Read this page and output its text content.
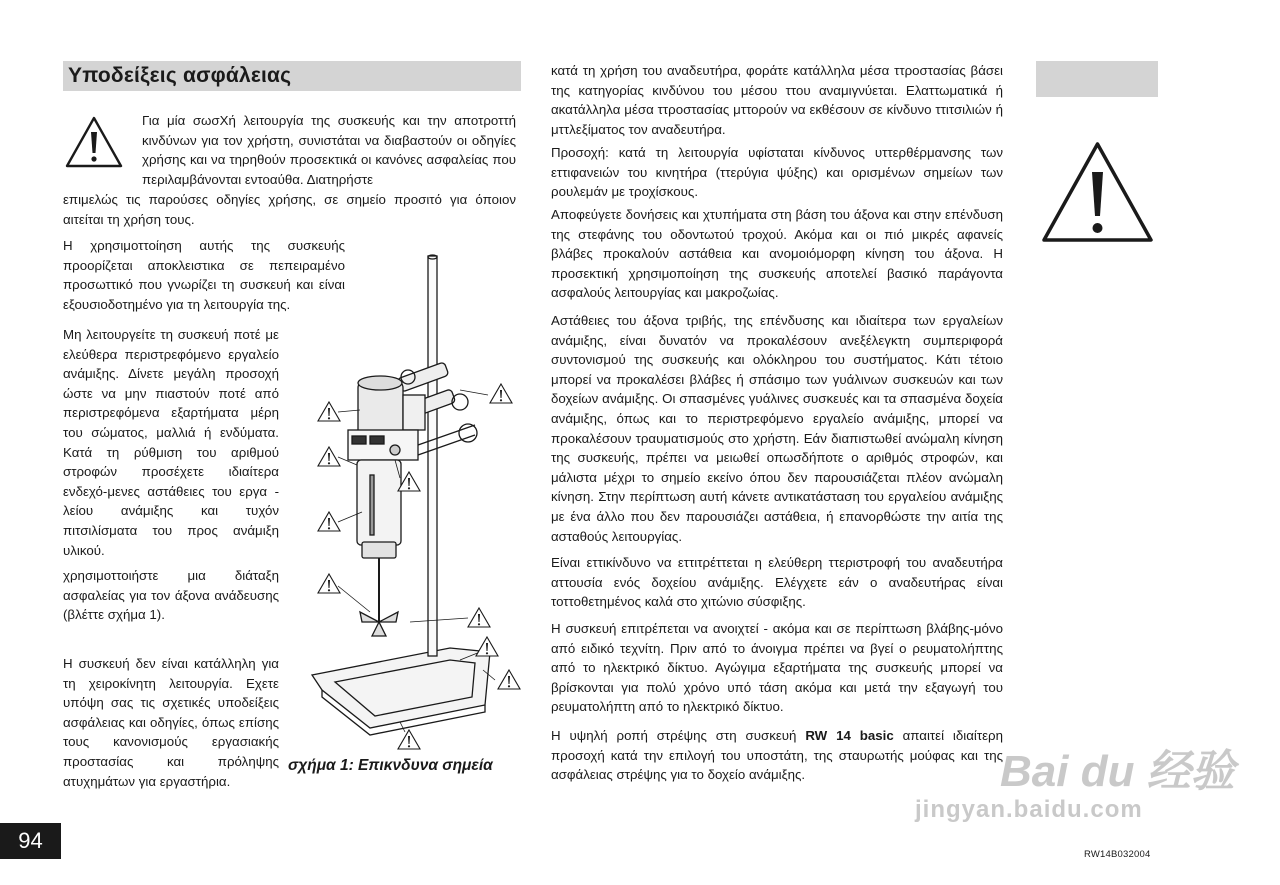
Υποδείξεις ασφάλειας

Για μία σωσΧή λειτουργία της συσκευής και την αποτροττή κινδύνων για τον χρήστη, συνιστάται να διαβαστούν οι οδηγίες χρήσης και να τηρηθούν προσεκτικά οι κανόνες ασφαλείας που περιλαμβάνονται εντοαύθα. Διατηρήστε

επιμελώς τις παρούσες οδηγίες χρήσης, σε σημείο προσιτό για όποιον αιτείται τη χρήση τους.

Η χρησιμοττοίηση αυτής της συσκευής προορίζεται αποκλειστικα σε πεπειραμένο προσωττικό που γνωρίζει τη συσκευή και είναι εξουσιοδοτημένο για τη λειτουργία της.

Μη λειτουργείτε τη συσκευή ποτέ με ελεύθερα περιστρεφόμενο εργαλείο ανάμιξης. Δίνετε μεγάλη προσοχή ώστε να μην πιαστούν ποτέ από περιστρεφόμενα εξαρτήματα μέρη του σώματος, μαλλιά ή ενδύματα. Κατά τη ρύθμιση του αριθμού στροφών προσέχετε ιδιαίτερα ενδεχό-μενες αστάθειες του εργα - λείου ανάμιξης και τυχόν πιτσιλίσματα του προς ανάμιξη υλικού.

χρησιμοττοιήστε μια διάταξη ασφαλείας για τον άξονα ανάδευσης (βλέττε σχήμα 1).

Η συσκευή δεν είναι κατάλληλη για τη χειροκίνητη λειτουργία. Εχετε υπόψη σας τις σχετικές υποδείξεις ασφάλειας και οδηγίες, όπως επίσης τους κανονισμούς εργασιακής προστασίας και πρόληψης ατυχημάτων για εργαστήρια.

σχήμα 1: Επικνδυνα σημεία

κατά τη χρήση του αναδευτήρα, φοράτε κατάλληλα μέσα ττροστασίας βάσει της κατηγορίας κινδύνου του μέσου ττου αναμιγνύεται. Ελαττωματικά ή ακατάλληλα μέσα ττροστασίας μττορούν να εκθέσουν σε κίνδυνο ττιτσιλιών ή μττλεξίματος τον αναδευτήρα.

Προσοχή: κατά τη λειτουργία υφίσταται κίνδυνος υττερθέρμανσης των εττιφανειών του κινητήρα (ττερύγια ψύξης) και ορισμένων σημείων των ρουλεμάν με τροχίσκους.

Αποφεύγετε δονήσεις και χτυπήματα στη βάση του άξονα και στην επένδυση της στεφάνης του οδοντωτού τροχού. Ακόμα και οι πιό μικρές αφανείς βλάβες προκαλούν αστάθεια και ανομοιόμορφη κίνηση του άξονα. Η προσεκτική χρησιμοποίηση της συσκευής αποτελεί βασικό παράγοντα ασφαλούς λειτουργίας και μακροζωίας.

Αστάθειες του άξονα τριβής, της επένδυσης και ιδιαίτερα των εργαλείων ανάμιξης, είναι δυνατόν να προκαλέσουν ανεξέλεγκτη συμπεριφορά συντονισμού της συσκευής και ολόκληρου του συστήματος. Κάτι τέτοιο μπορεί να προκαλέσει βλάβες ή σπάσιμο των γυάλινων συσκευών και των δοχείων ανάμιξης. Οι σπασμένες γυάλινες συσκευές και τα σπασμένα δοχεία ανάμιξης, όπως και το περιστρεφόμενο εργαλείο ανάμιξης, μπορεί να προκαλέσουν τραυματισμούς στο χρήστη. Εάν διαπιστωθεί ανώμαλη κίνηση της συσκευής, πρέπει να μειωθεί οπωσδήποτε ο αριθμός στροφών, και μάλιστα μέχρι το σημείο εκείνο όπου δεν παρουσιάζεται πλέον ανώμαλη κίνηση. Στην περίπτωση αυτή κάνετε αντικατάσταση του εργαλείου ανάμιξης με ένα άλλο που δεν παρουσιάζει αστάθεια, ή επανορθώστε την αιτία της ασταθούς λειτουργίας.

Είναι εττικίνδυνο να εττιτρέττεται η ελεύθερη ττεριστροφή του αναδευτήρα αττουσία ενός δοχείου ανάμιξης. Ελέγχετε εάν ο αναδευτήρας είναι τοττοθετημένος καλά στο χιτώνιο σύσφιξης.

Η συσκευή επιτρέπεται να ανοιχτεί - ακόμα και σε περίπτωση βλάβης-μόνο από ειδικό τεχνίτη. Πριν από το άνοιγμα πρέπει να βγεί ο ρευματολήπτης από το ηλεκτρικό δίκτυο. Αγώγιμα εξαρτήματα της συσκευής μπορεί να βρίσκονται για πολύ χρόνο υπό τάση ακόμα και μετά την εξαγωγή του ρευματολήπτη από το ηλεκτρικό δίκτυο.

Η υψηλή ροπή στρέψης στη συσκευή RW 14 basic απαιτεί ιδιαίτερη προσοχή κατά την επιλογή του υποστάτη, της σταυρωτής μούφας και της ασφάλειας στρέψης για το δοχείο ανάμιξης.	Bai du 经验
jingyan.baidu.com
94
RW14B032004
